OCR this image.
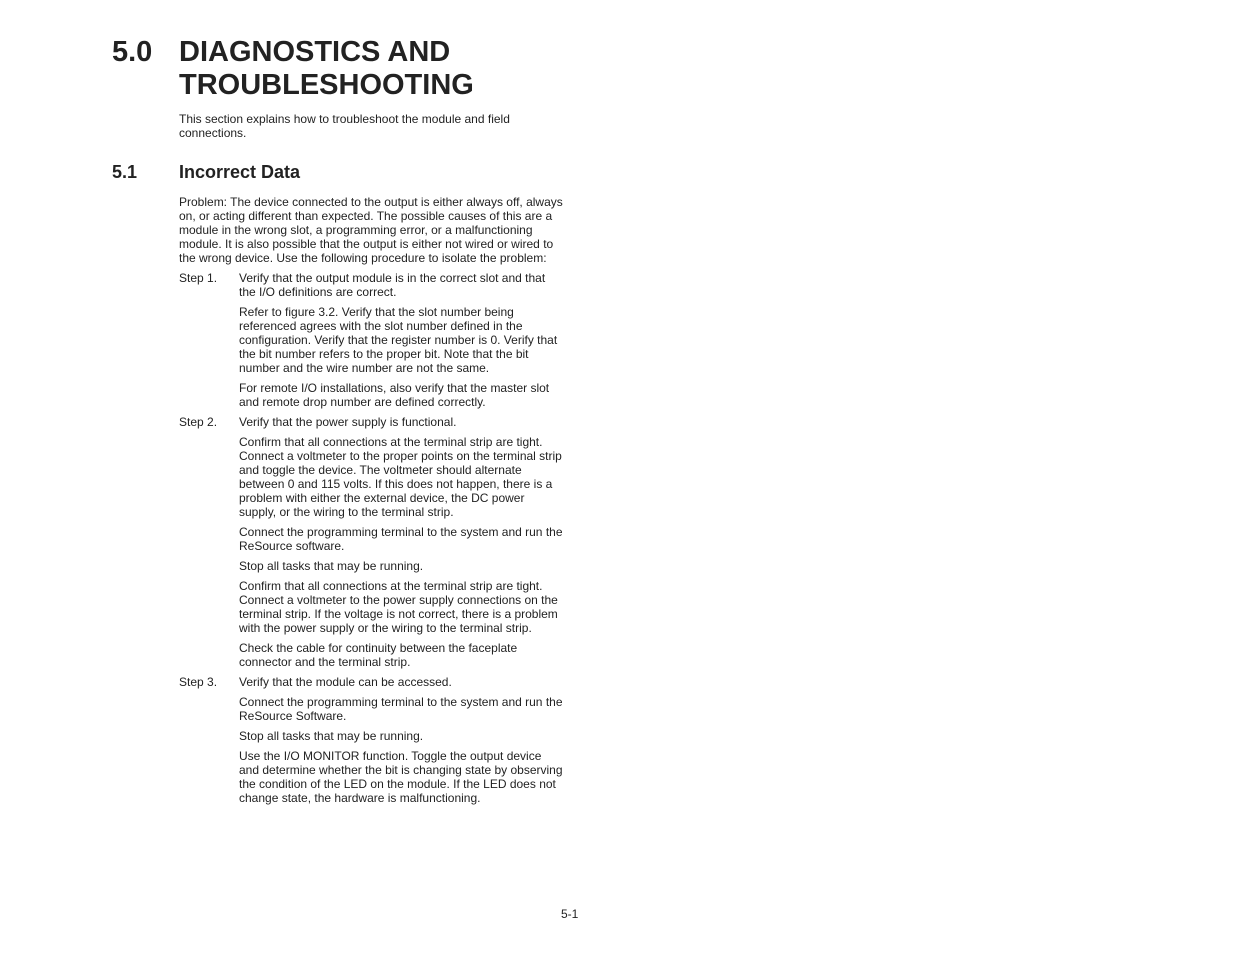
5.0 DIAGNOSTICS AND TROUBLESHOOTING
This section explains how to troubleshoot the module and field connections.
5.1 Incorrect Data
Problem: The device connected to the output is either always off, always on, or acting different than expected. The possible causes of this are a module in the wrong slot, a programming error, or a malfunctioning module. It is also possible that the output is either not wired or wired to the wrong device. Use the following procedure to isolate the problem:
Step 1.	Verify that the output module is in the correct slot and that the I/O definitions are correct.
Refer to figure 3.2. Verify that the slot number being referenced agrees with the slot number defined in the configuration. Verify that the register number is 0. Verify that the bit number refers to the proper bit. Note that the bit number and the wire number are not the same.
For remote I/O installations, also verify that the master slot and remote drop number are defined correctly.
Step 2.	Verify that the power supply is functional.
Confirm that all connections at the terminal strip are tight. Connect a voltmeter to the proper points on the terminal strip and toggle the device. The voltmeter should alternate between 0 and 115 volts. If this does not happen, there is a problem with either the external device, the DC power supply, or the wiring to the terminal strip.
Connect the programming terminal to the system and run the ReSource software.
Stop all tasks that may be running.
Confirm that all connections at the terminal strip are tight. Connect a voltmeter to the power supply connections on the terminal strip. If the voltage is not correct, there is a problem with the power supply or the wiring to the terminal strip.
Check the cable for continuity between the faceplate connector and the terminal strip.
Step 3.	Verify that the module can be accessed.
Connect the programming terminal to the system and run the ReSource Software.
Stop all tasks that may be running.
Use the I/O MONITOR function. Toggle the output device and determine whether the bit is changing state by observing the condition of the LED on the module. If the LED does not change state, the hardware is malfunctioning.
5-1
